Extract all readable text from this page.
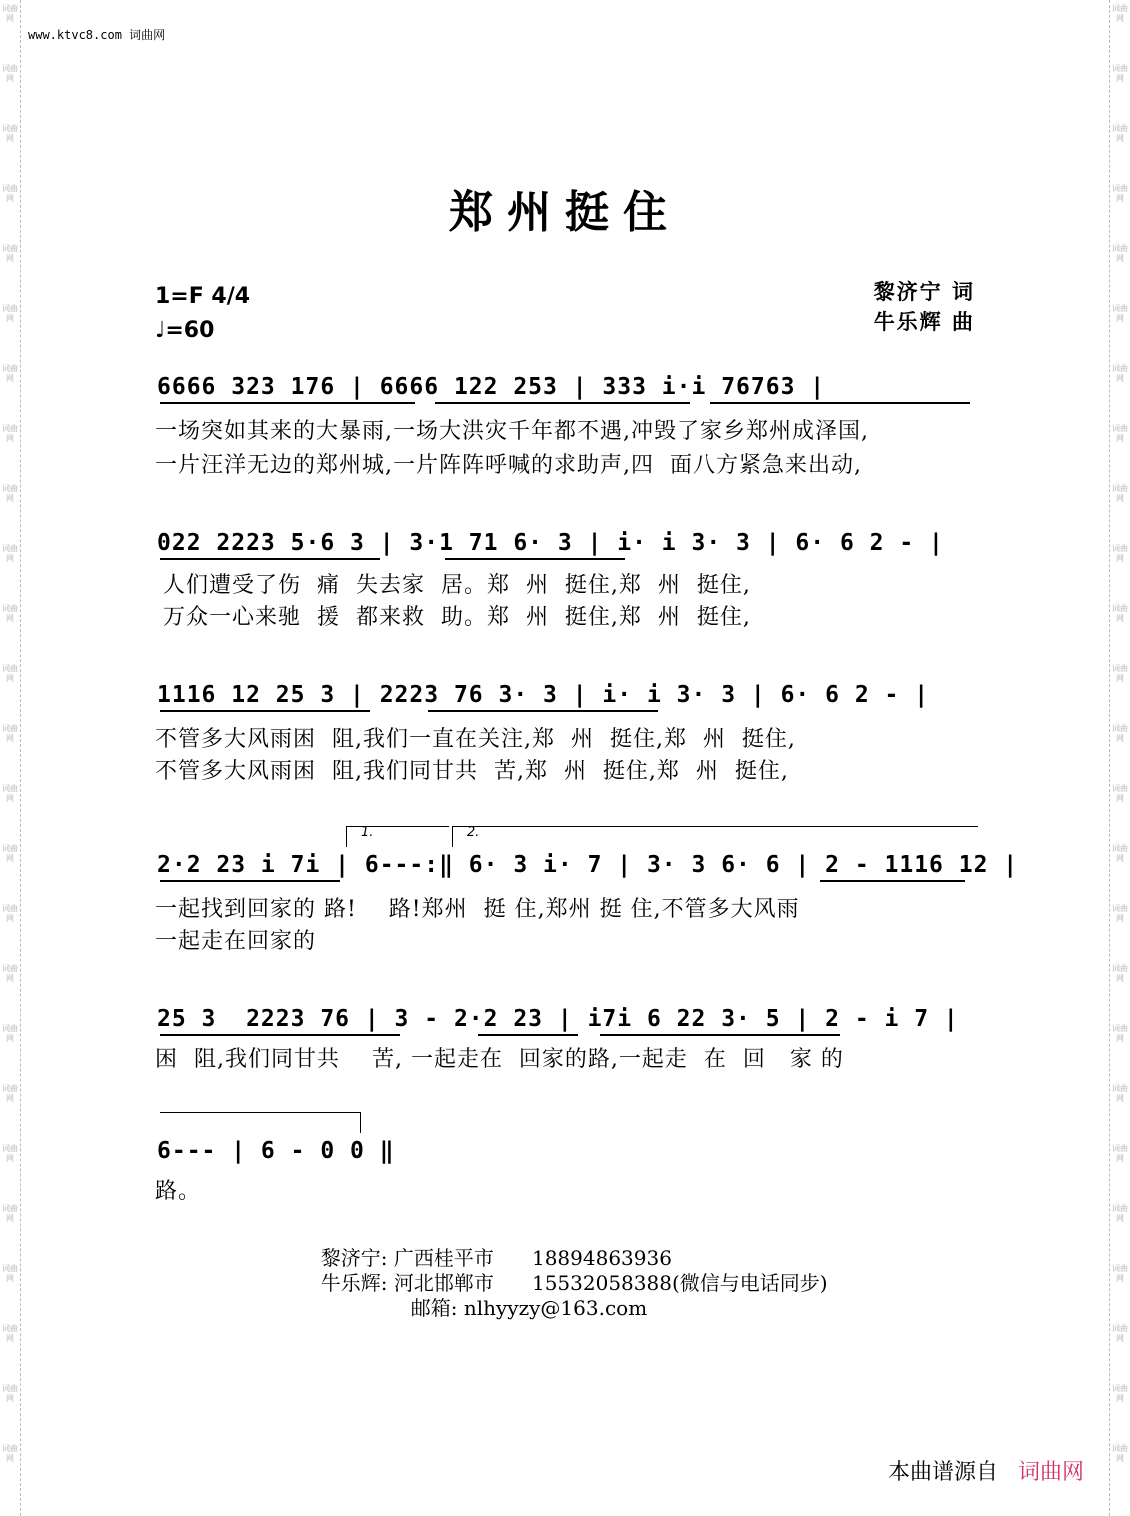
词曲网
词曲网
词曲网
词曲网
词曲网
词曲网
词曲网
词曲网
词曲网
词曲网
词曲网
词曲网
词曲网
词曲网
词曲网
词曲网
词曲网
词曲网
词曲网
词曲网
词曲网
词曲网
词曲网
词曲网
词曲网
词曲网
词曲网
词曲网
词曲网
词曲网
词曲网
词曲网
词曲网
词曲网
词曲网
词曲网
词曲网
词曲网
词曲网
词曲网
词曲网
词曲网
词曲网
词曲网
词曲网
词曲网
词曲网
词曲网
词曲网
词曲网
www.ktvc8.com 词曲网
郑州挺住
1=F 4/4
♩=60
黎济宁 词
牛乐辉 曲
6666 323 176 | 6666 122 253 | 333 i·i 76763 |
一场突如其来的大暴雨,一场大洪灾千年都不遇,冲毁了家乡郑州成泽国,
一片汪洋无边的郑州城,一片阵阵呼喊的求助声,四  面八方紧急来出动,
022 2223 5·6 3 | 3·1 71 6· 3 | i· i 3· 3 | 6· 6 2 - |
人们遭受了伤  痛  失去家  居。郑  州  挺住,郑  州  挺住,
万众一心来驰  援  都来救  助。郑  州  挺住,郑  州  挺住,
1116 12 25 3 | 2223 76 3· 3 | i· i 3· 3 | 6· 6 2 - |
不管多大风雨困  阻,我们一直在关注,郑  州  挺住,郑  州  挺住,
不管多大风雨困  阻,我们同甘共  苦,郑  州  挺住,郑  州  挺住,
1.	2.
2·2 23 i 7i | 6---:‖ 6· 3 i· 7 | 3· 3 6· 6 | 2 - 1116 12 |
一起找到回家的 路!    路!郑州  挺 住,郑州 挺 住,不管多大风雨
一起走在回家的
25 3  2223 76 | 3 - 2·2 23 | i7i 6 22 3· 5 | 2 - i 7 |
困  阻,我们同甘共    苦, 一起走在  回家的路,一起走  在  回   家 的
6--- | 6 - 0 0 ‖
路。

黎济宁: 广西桂平市 18894863936

牛乐辉: 河北邯郸市 15532058388(微信与电话同步)

邮箱: nlhyyzy@163.com

本曲谱源自 词曲网
